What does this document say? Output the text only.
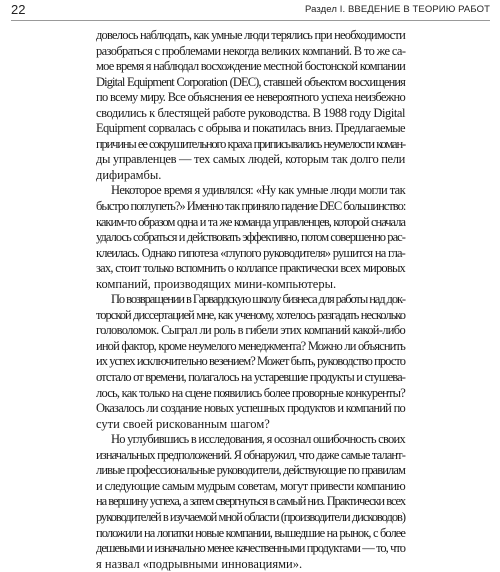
22	Раздел I. ВВЕДЕНИЕ В ТЕОРИЮ РАБОТ
довелось наблюдать, как умные люди терялись при необходимости
разобраться с проблемами некогда великих компаний. В то же са-
мое время я наблюдал восхождение местной бостонской компании
Digital Equipment Corporation (DEC), ставшей объектом восхищения
по всему миру. Все объяснения ее невероятного успеха неизбежно
сводились к блестящей работе руководства. В 1988 году Digital
Equipment сорвалась с обрыва и покатилась вниз. Предлагаемые
причины ее сокрушительного краха приписывались неумелости коман-
ды управленцев — тех самых людей, которым так долго пели
дифирамбы.
Некоторое время я удивлялся: «Ну как умные люди могли так
быстро поглупеть?» Именно так приняло падение DEC большинство:
каким-то образом одна и та же команда управленцев, которой сначала
удалось собраться и действовать эффективно, потом совершенно рас-
клеилась. Однако гипотеза «глупого руководителя» рушится на гла-
зах, стоит только вспомнить о коллапсе практически всех мировых
компаний, производящих мини-компьютеры.
По возвращении в Гарвардскую школу бизнеса для работы над док-
торской диссертацией мне, как ученому, хотелось разгадать несколько
головоломок. Сыграл ли роль в гибели этих компаний какой-либо
иной фактор, кроме неумелого менеджмента? Можно ли объяснить
их успех исключительно везением? Может быть, руководство просто
отстало от времени, полагалось на устаревшие продукты и стушева-
лось, как только на сцене появились более проворные конкуренты?
Оказалось ли создание новых успешных продуктов и компаний по
сути своей рискованным шагом?
Но углубившись в исследования, я осознал ошибочность своих
изначальных предположений. Я обнаружил, что даже самые талант-
ливые профессиональные руководители, действующие по правилам
и следующие самым мудрым советам, могут привести компанию
на вершину успеха, а затем свергнуться в самый низ. Практически всех
руководителей в изучаемой мной области (производители дисководов)
положили на лопатки новые компании, вышедшие на рынок, с более
дешевыми и изначально менее качественными продуктами — то, что
я назвал «подрывными инновациями».
